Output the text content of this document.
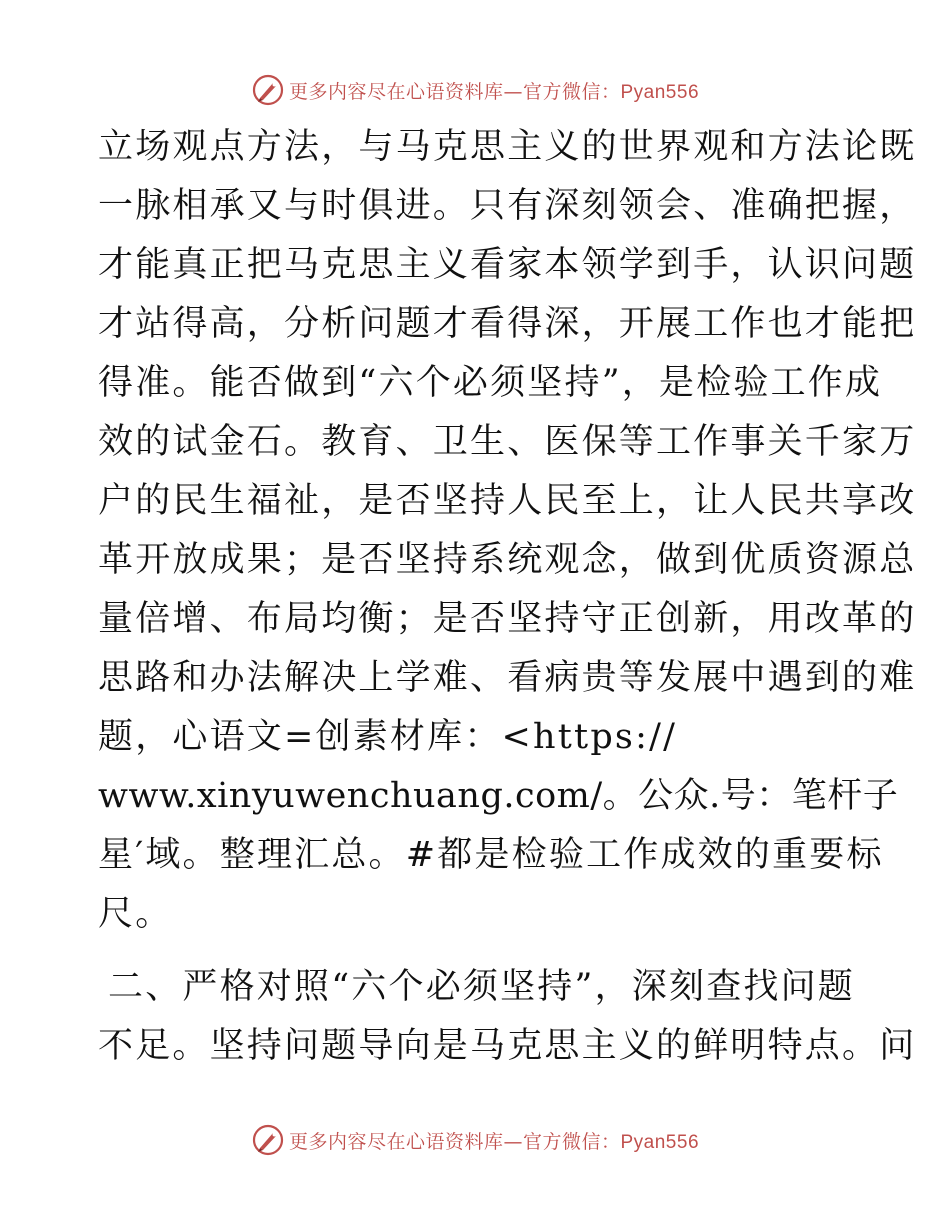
更多内容尽在心语资料库—官方微信：Pyan556
立场观点方法，与马克思主义的世界观和方法论既
一脉相承又与时俱进。只有深刻领会、准确把握，
才能真正把马克思主义看家本领学到手，认识问题
才站得高，分析问题才看得深，开展工作也才能把
得准。能否做到“六个必须坚持”，是检验工作成
效的试金石。教育、卫生、医保等工作事关千家万
户的民生福祉，是否坚持人民至上，让人民共享改
革开放成果；是否坚持系统观念，做到优质资源总
量倍增、布局均衡；是否坚持守正创新，用改革的
思路和办法解决上学难、看病贵等发展中遇到的难
题，心语文=创素材库：<https://
www.xinyuwenchuang.com/。公众.号：笔杆子
星′域。整理汇总。#都是检验工作成效的重要标
尺。
二、严格对照“六个必须坚持”，深刻查找问题
不足。坚持问题导向是马克思主义的鲜明特点。问
更多内容尽在心语资料库—官方微信：Pyan556
